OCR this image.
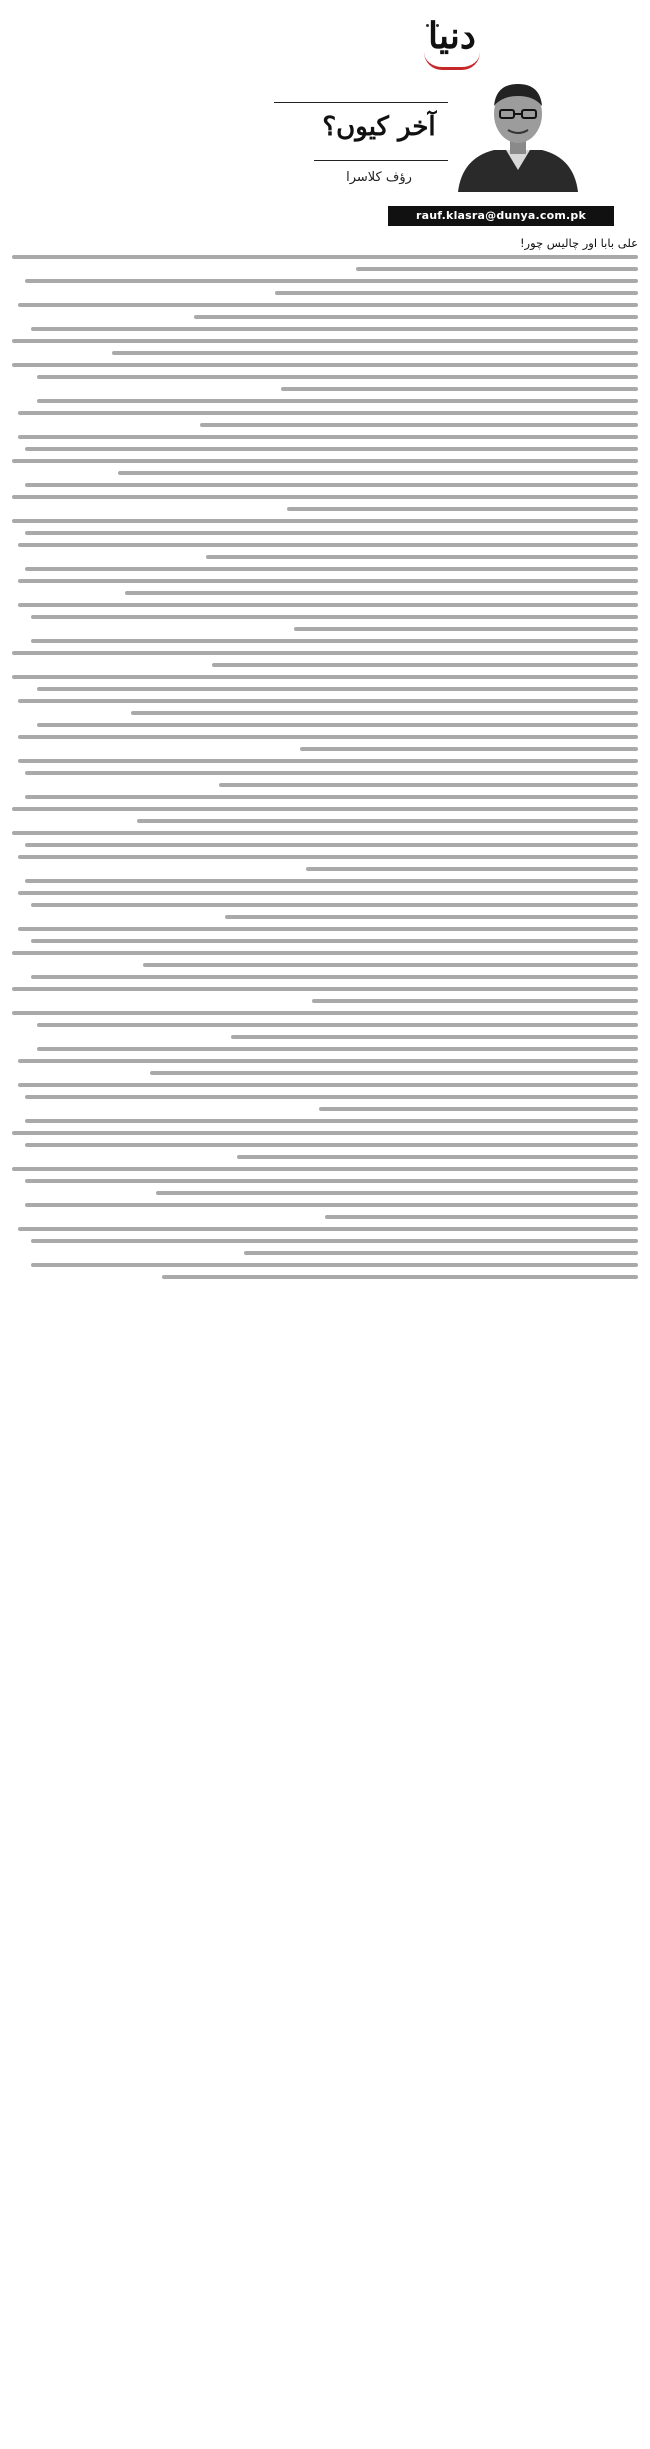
دنیا
آخر کیوں؟
رؤف کلاسرا
rauf.klasra@dunya.com.pk
علی بابا اور چالیس چور!
